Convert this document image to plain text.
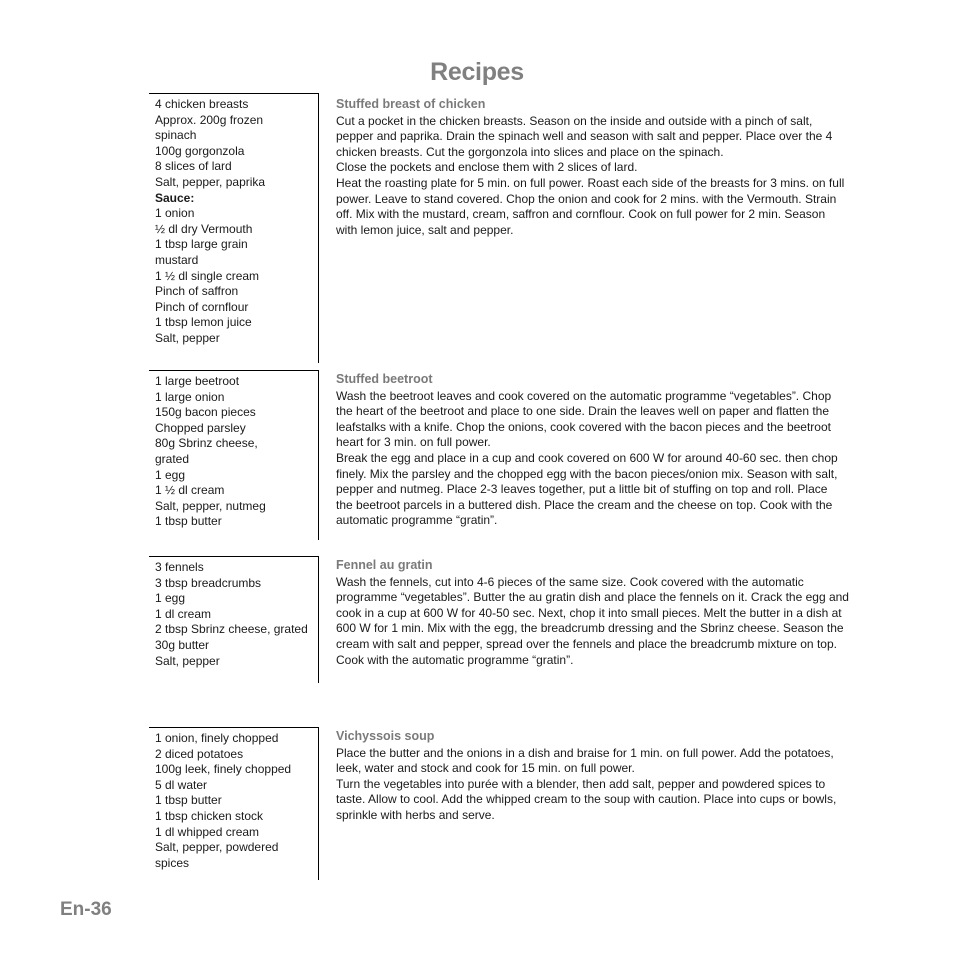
Recipes
4 chicken breasts
Approx. 200g frozen
spinach
100g gorgonzola
8 slices of lard
Salt, pepper, paprika
Sauce:
1 onion
½ dl dry Vermouth
1 tbsp large grain
mustard
1 ½ dl single cream
Pinch of saffron
Pinch of cornflour
1 tbsp lemon juice
Salt, pepper
Stuffed breast of chicken
Cut a pocket in the chicken breasts. Season on the inside and outside with a pinch of salt,
pepper and paprika. Drain the spinach well and season with salt and pepper. Place over the 4
chicken breasts. Cut the gorgonzola into slices and place on the spinach.
Close the pockets and enclose them with 2 slices of lard.
Heat the roasting plate for 5 min. on full power. Roast each side of the breasts for 3 mins. on full
power. Leave to stand covered. Chop the onion and cook for 2 mins. with the Vermouth. Strain
off. Mix with the mustard, cream, saffron and cornflour. Cook on full power for 2 min. Season
with lemon juice, salt and pepper.
1 large beetroot
1 large onion
150g bacon pieces
Chopped parsley
80g Sbrinz cheese,
grated
1 egg
1 ½ dl cream
Salt, pepper, nutmeg
1 tbsp butter
Stuffed beetroot
Wash the beetroot leaves and cook covered on the automatic programme “vegetables”. Chop
the heart of the beetroot and place to one side. Drain the leaves well on paper and flatten the
leafstalks with a knife. Chop the onions, cook covered with the bacon pieces and the beetroot
heart for 3 min. on full power.
Break the egg and place in a cup and cook covered on 600 W for around 40-60 sec. then chop
finely. Mix the parsley and the chopped egg with the bacon pieces/onion mix. Season with salt,
pepper and nutmeg. Place 2-3 leaves together, put a little bit of stuffing on top and roll. Place
the beetroot parcels in a buttered dish. Place the cream and the cheese on top. Cook with the
automatic programme “gratin”.
3 fennels
3 tbsp breadcrumbs
1 egg
1 dl cream
2 tbsp Sbrinz cheese, grated
30g butter
Salt, pepper
Fennel au gratin
Wash the fennels, cut into 4-6 pieces of the same size. Cook covered with the automatic
programme “vegetables”. Butter the au gratin dish and place the fennels on it. Crack the egg and
cook in a cup at 600 W for 40-50 sec. Next, chop it into small pieces. Melt the butter in a dish at
600 W for 1 min. Mix with the egg, the breadcrumb dressing and the Sbrinz cheese. Season the
cream with salt and pepper, spread over the fennels and place the breadcrumb mixture on top.
Cook with the automatic programme “gratin”.
1 onion, finely chopped
2 diced potatoes
100g leek, finely chopped
5 dl water
1 tbsp butter
1 tbsp chicken stock
1 dl whipped cream
Salt, pepper, powdered
spices
Vichyssois soup
Place the butter and the onions in a dish and braise for 1 min. on full power. Add the potatoes,
leek, water and stock and cook for 15 min. on full power.
Turn the vegetables into purée with a blender, then add salt, pepper and powdered spices to
taste. Allow to cool. Add the whipped cream to the soup with caution. Place into cups or bowls,
sprinkle with herbs and serve.
En-36
